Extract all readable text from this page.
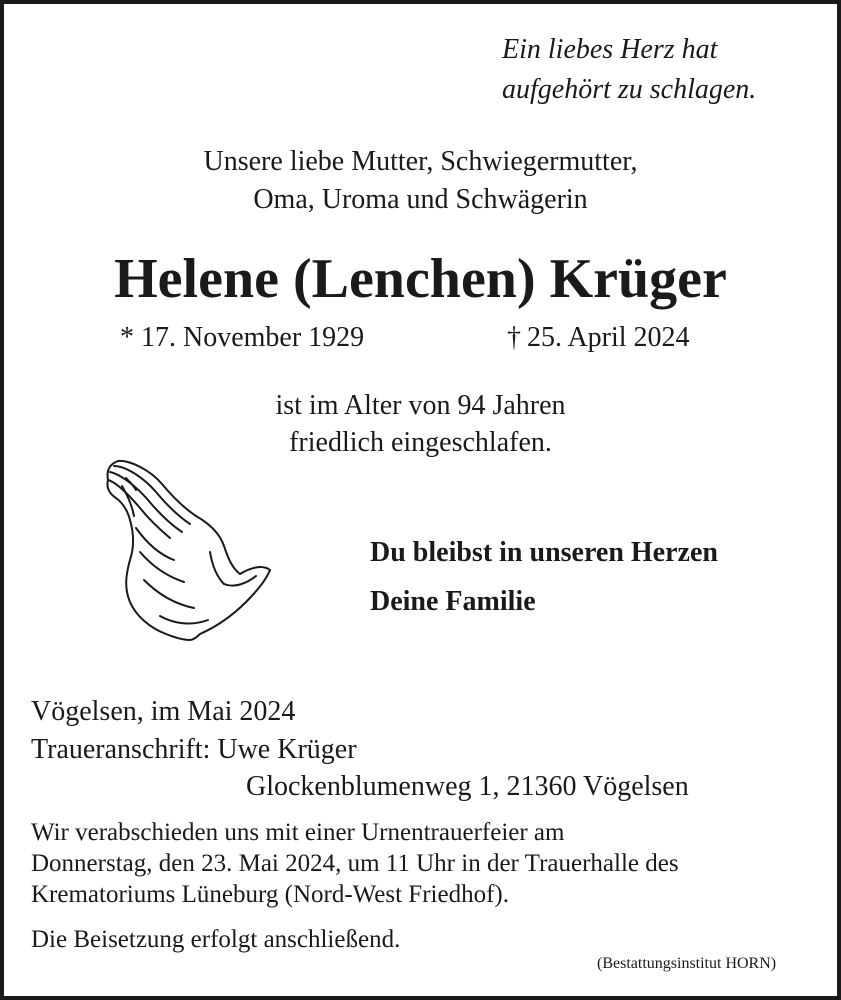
Ein liebes Herz hat
aufgehört zu schlagen.
Unsere liebe Mutter, Schwiegermutter,
Oma, Uroma und Schwägerin
Helene (Lenchen) Krüger
* 17. November 1929	† 25. April 2024
ist im Alter von 94 Jahren
friedlich eingeschlafen.
Du bleibst in unseren Herzen
Deine Familie
Vögelsen, im Mai 2024
Traueranschrift: Uwe Krüger
Glockenblumenweg 1, 21360 Vögelsen
Wir verabschieden uns mit einer Urnentrauerfeier am
Donnerstag, den 23. Mai 2024, um 11 Uhr in der Trauerhalle des
Krematoriums Lüneburg (Nord-West Friedhof).
Die Beisetzung erfolgt anschließend.
(Bestattungsinstitut HORN)
